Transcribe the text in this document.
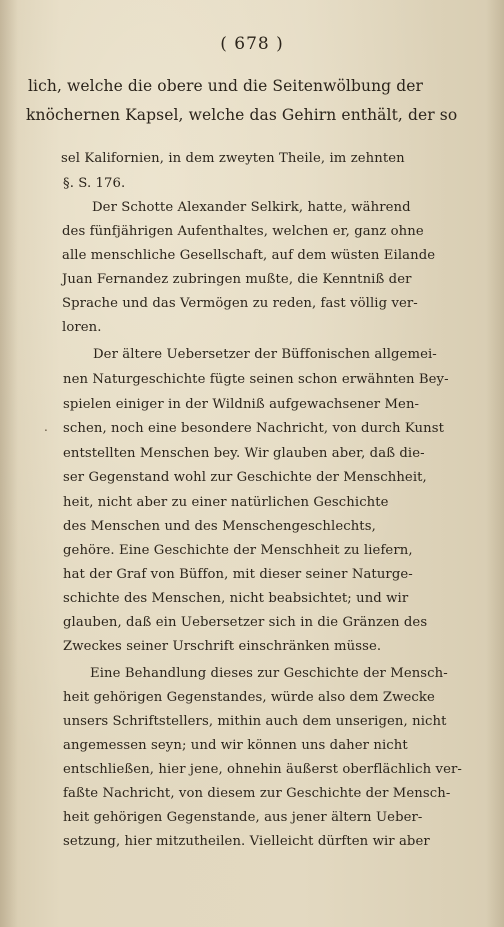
( 678 )
lich, welche die obere und die Seitenwölbung der
knöchernen Kapsel, welche das Gehirn enthält, der so
sel Kalifornien, in dem zweyten Theile, im zehnten
§. S. 176.
Der Schotte Alexander Selkirk, hatte, während
des fünfjährigen Aufenthaltes, welchen er, ganz ohne
alle menschliche Gesellschaft, auf dem wüsten Eilande
Juan Fernandez zubringen mußte, die Kenntniß der
Sprache und das Vermögen zu reden, fast völlig ver-
loren.
Der ältere Uebersetzer der Büffonischen allgemei-
nen Naturgeschichte fügte seinen schon erwähnten Bey-
spielen einiger in der Wildniß aufgewachsener Men-
schen, noch eine besondere Nachricht, von durch Kunst
entstellten Menschen bey. Wir glauben aber, daß die-
ser Gegenstand wohl zur Geschichte der Menschheit,
heit, nicht aber zu einer natürlichen Geschichte
des Menschen und des Menschengeschlechts,
gehöre. Eine Geschichte der Menschheit zu liefern,
hat der Graf von Büffon, mit dieser seiner Naturge-
schichte des Menschen, nicht beabsichtet; und wir
glauben, daß ein Uebersetzer sich in die Gränzen des
Zweckes seiner Urschrift einschränken müsse.
Eine Behandlung dieses zur Geschichte der Mensch-
heit gehörigen Gegenstandes, würde also dem Zwecke
unsers Schriftstellers, mithin auch dem unserigen, nicht
angemessen seyn; und wir können uns daher nicht
entschließen, hier jene, ohnehin äußerst oberflächlich ver-
faßte Nachricht, von diesem zur Geschichte der Mensch-
heit gehörigen Gegenstande, aus jener ältern Ueber-
setzung, hier mitzutheilen. Vielleicht dürften wir aber
.
